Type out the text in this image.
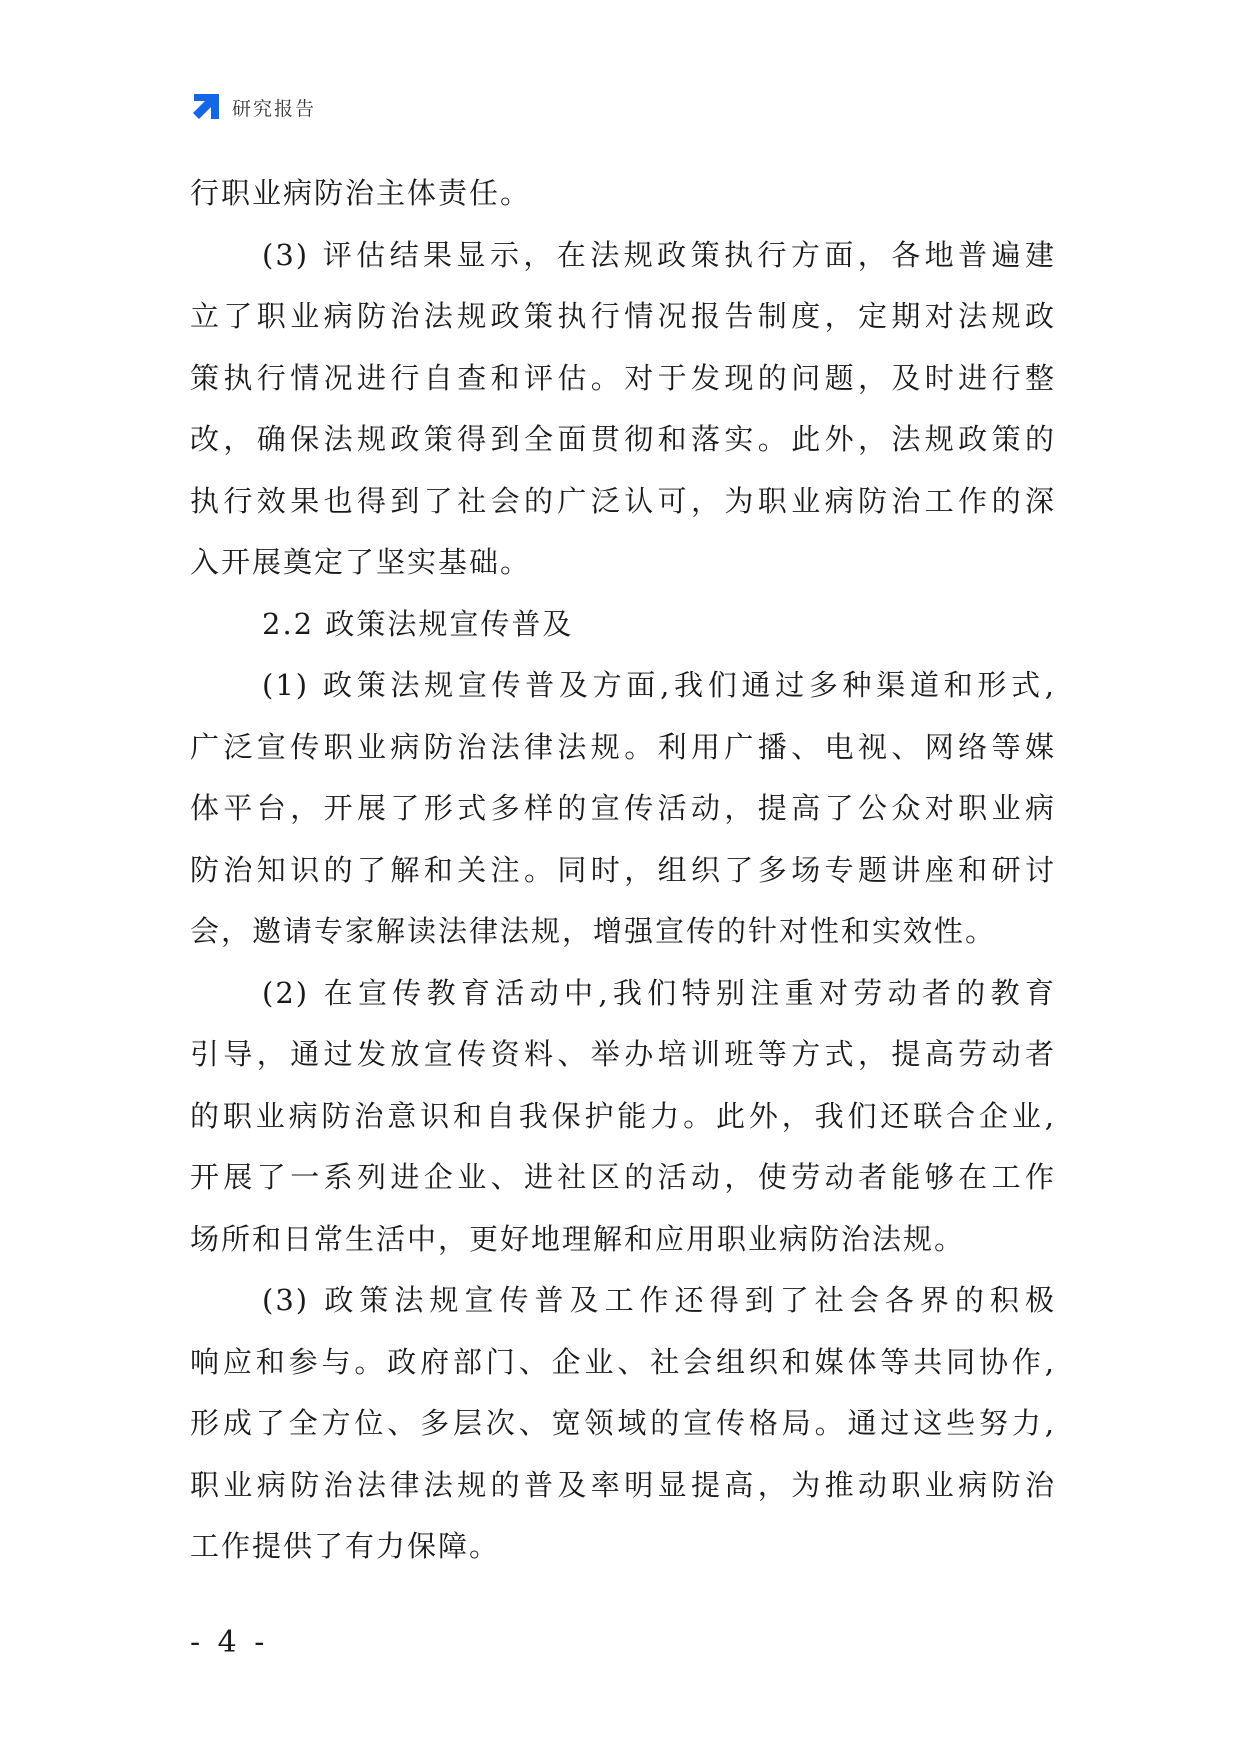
研究报告
行职业病防治主体责任。
(3) 评估结果显示，在法规政策执行方面，各地普遍建
立了职业病防治法规政策执行情况报告制度，定期对法规政
策执行情况进行自查和评估。对于发现的问题，及时进行整
改，确保法规政策得到全面贯彻和落实。此外，法规政策的
执行效果也得到了社会的广泛认可，为职业病防治工作的深
入开展奠定了坚实基础。
2.2 政策法规宣传普及
(1) 政策法规宣传普及方面,我们通过多种渠道和形式,
广泛宣传职业病防治法律法规。利用广播、电视、网络等媒
体平台，开展了形式多样的宣传活动，提高了公众对职业病
防治知识的了解和关注。同时，组织了多场专题讲座和研讨
会，邀请专家解读法律法规，增强宣传的针对性和实效性。
(2) 在宣传教育活动中,我们特别注重对劳动者的教育
引导，通过发放宣传资料、举办培训班等方式，提高劳动者
的职业病防治意识和自我保护能力。此外，我们还联合企业,
开展了一系列进企业、进社区的活动，使劳动者能够在工作
场所和日常生活中，更好地理解和应用职业病防治法规。
(3) 政策法规宣传普及工作还得到了社会各界的积极
响应和参与。政府部门、企业、社会组织和媒体等共同协作,
形成了全方位、多层次、宽领域的宣传格局。通过这些努力,
职业病防治法律法规的普及率明显提高，为推动职业病防治
工作提供了有力保障。
- 4 -
